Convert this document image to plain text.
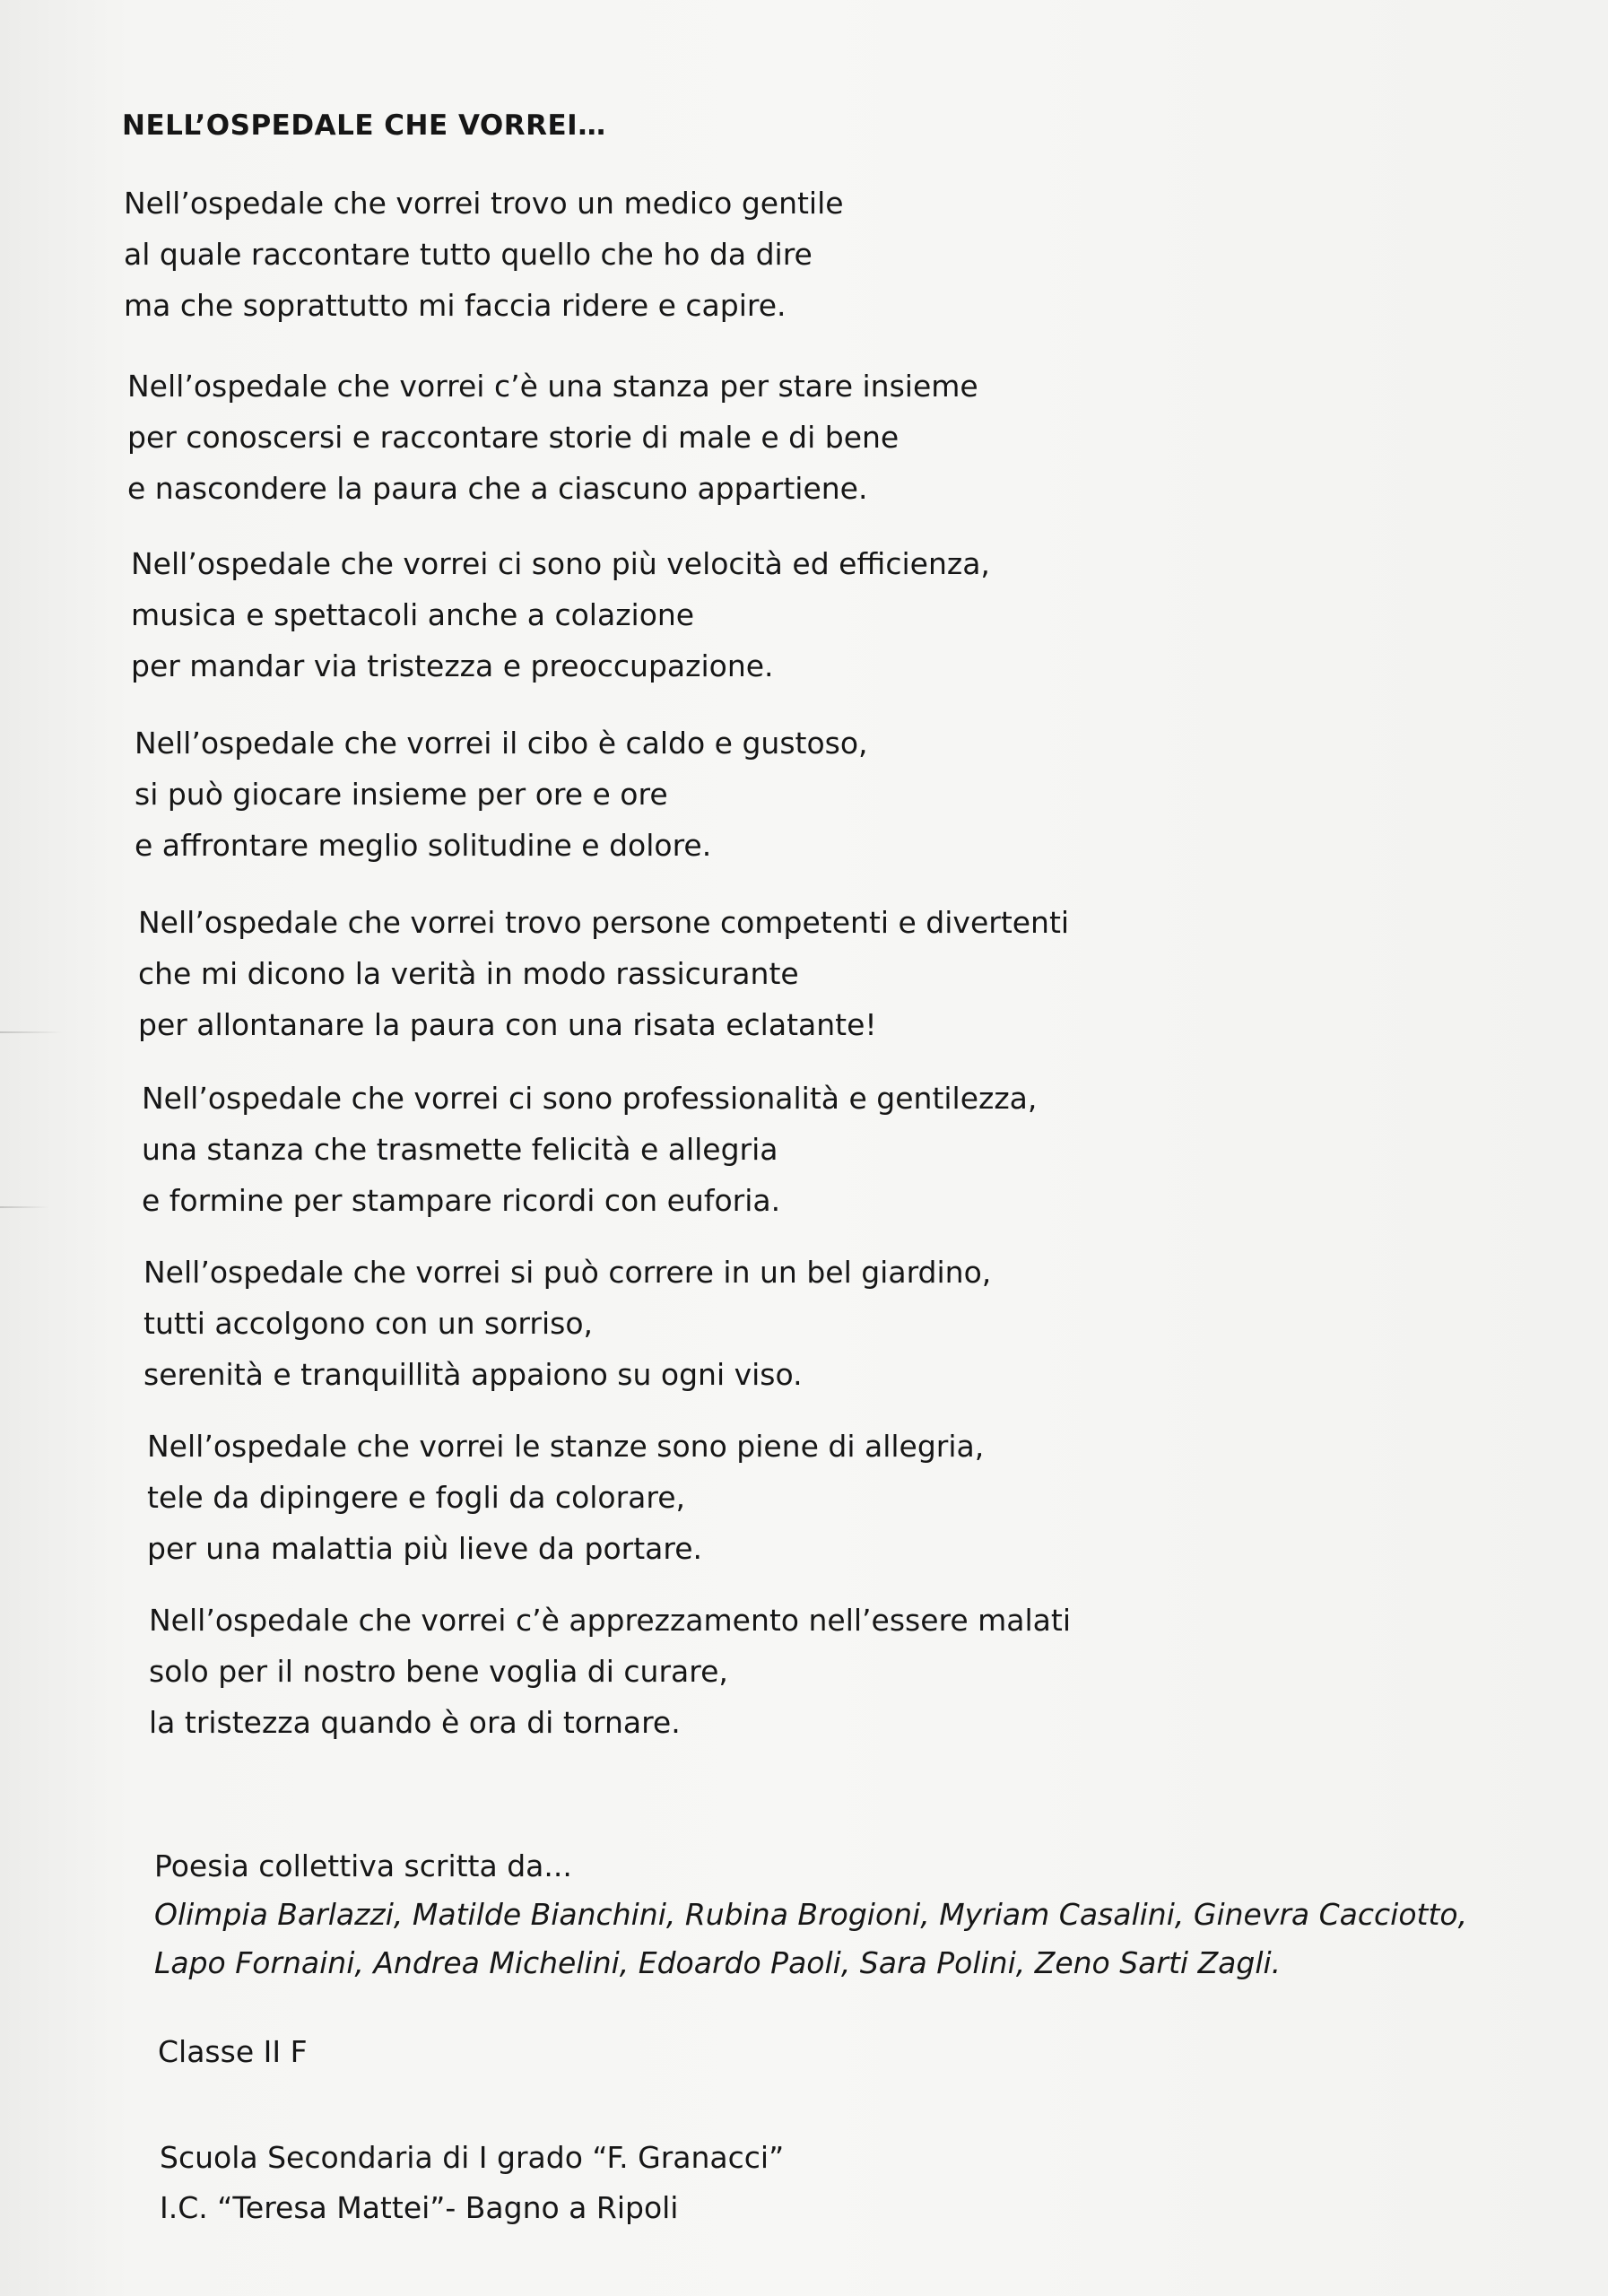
NELL’OSPEDALE CHE VORREI…
Nell’ospedale che vorrei trovo un medico gentile
al quale raccontare tutto quello che ho da dire
ma che soprattutto mi faccia ridere e capire.
Nell’ospedale che vorrei c’è una stanza per stare insieme
per conoscersi e raccontare storie di male e di bene
e nascondere la paura che a ciascuno appartiene.
Nell’ospedale che vorrei ci sono più velocità ed efficienza,
musica e spettacoli anche a colazione
per mandar via tristezza e preoccupazione.
Nell’ospedale che vorrei il cibo è caldo e gustoso,
si può giocare insieme per ore e ore
e affrontare meglio solitudine e dolore.
Nell’ospedale che vorrei trovo persone competenti e divertenti
che mi dicono la verità in modo rassicurante
per allontanare la paura con una risata eclatante!
Nell’ospedale che vorrei ci sono professionalità e gentilezza,
una stanza che trasmette felicità e allegria
e formine per stampare ricordi con euforia.
Nell’ospedale che vorrei si può correre in un bel giardino,
tutti accolgono con un sorriso,
serenità e tranquillità appaiono su ogni viso.
Nell’ospedale che vorrei le stanze sono piene di allegria,
tele da dipingere e fogli da colorare,
per una malattia più lieve da portare.
Nell’ospedale che vorrei c’è apprezzamento nell’essere malati
solo per il nostro bene voglia di curare,
la tristezza quando è ora di tornare.
Poesia collettiva scritta da...
Olimpia Barlazzi, Matilde Bianchini, Rubina Brogioni, Myriam Casalini, Ginevra Cacciotto,
Lapo Fornaini, Andrea Michelini, Edoardo Paoli, Sara Polini, Zeno Sarti Zagli.
Classe II F
Scuola Secondaria di I grado “F. Granacci”
I.C. “Teresa Mattei”- Bagno a Ripoli
